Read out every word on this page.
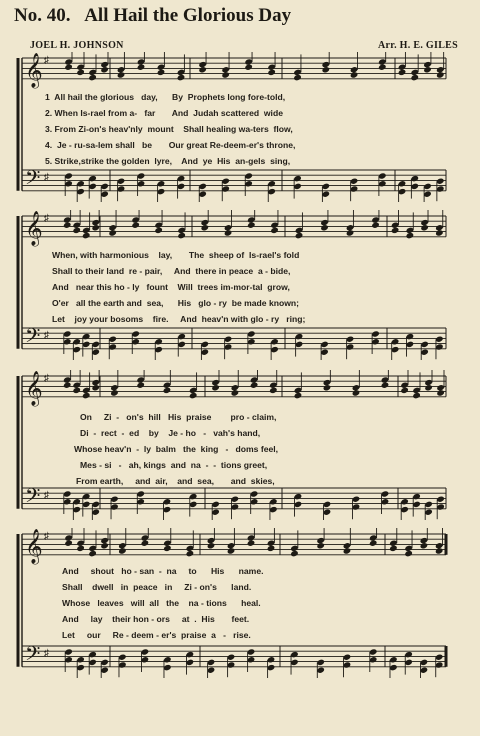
No. 40. All Hail the Glorious Day
JOEL H. JOHNSON	Arr. H. E. GILES
𝄞
𝄢
♯
♯
1  All hail the glorious   day,      By  Prophets long fore-told,
2. When Is-rael from a-   far       And  Judah scattered  wide
3. From Zi-on's heav'nly  mount    Shall healing wa-ters  flow,
4.  Je - ru-sa-lem shall   be       Our great Re-deem-er's throne,
5. Strike,strike the golden  lyre,    And  ye  His  an-gels  sing,
𝄞
𝄢
♯
♯
When, with harmonious    lay,       The  sheep of  Is-rael's fold
Shall to their land  re - pair,     And  there in peace  a - bide,
And   near this ho - ly   fount    Will  trees im-mor-tal  grow,
O'er   all the earth and  sea,      His   glo - ry  be made known;
Let    joy your bosoms    fire.     And  heav'n with glo - ry   ring;
𝄞
𝄢
♯
♯
On     Zi  -   on's  hill   His  praise        pro - claim,
Di  -  rect  -  ed    by    Je - ho   -   vah's hand,
Whose heav'n  -  ly  balm   the  king   -   doms feel,
Mes - si   -   ah, kings  and  na  -  -  tions greet,
From earth,     and  air,    and  sea,       and  skies,
𝄞
𝄢
♯
♯
And     shout   ho - san  -  na     to      His      name.
Shall    dwell   in  peace   in     Zi - on's      land.
Whose   leaves   will  all   the    na - tions      heal.
And     lay    their hon - ors     at  .  His       feet.
Let     our     Re - deem - er's  praise  a   -   rise.
